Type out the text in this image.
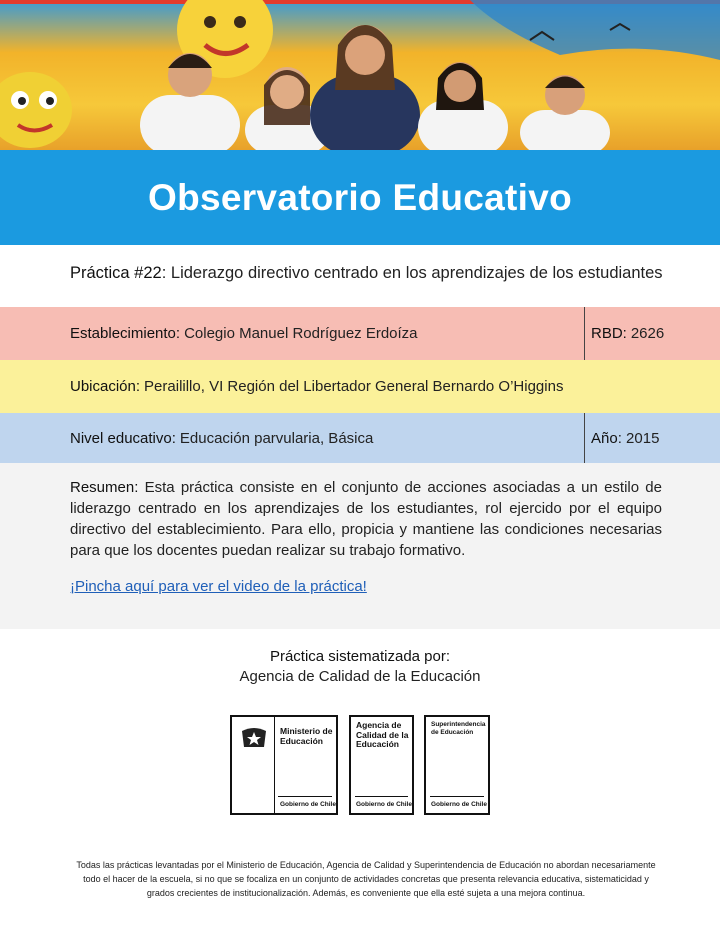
Observatorio Educativo
Práctica #22: Liderazgo directivo centrado en los aprendizajes de los estudiantes
Establecimiento: Colegio Manuel Rodríguez Erdoíza	RBD: 2626
Ubicación: Perailillo, VI Región del Libertador General Bernardo O’Higgins
Nivel educativo: Educación parvularia, Básica	Año : 2015

Resumen: Esta práctica consiste en el conjunto de acciones asociadas a un estilo de liderazgo centrado en los aprendizajes de los estudiantes, rol ejercido por el equipo directivo del establecimiento. Para ello, propicia y mantiene las condiciones necesarias para que los docentes puedan realizar su trabajo formativo.

¡Pincha aquí para ver el video de la práctica!
Práctica sistematizada por:
Agencia de Calidad de la Educación
Ministerio de
Educación
Gobierno de Chile
Agencia de
Calidad de la
Educación
Gobierno de Chile
Superintendencia
de Educación
Gobierno de Chile
Todas las prácticas levantadas por el Ministerio de Educación, Agencia de Calidad y Superintendencia de Educación no abordan necesariamente todo el hacer de la escuela, si no que se focaliza en un conjunto de actividades concretas que presenta relevancia educativa, sistematicidad y grados crecientes de institucionalización. Además, es conveniente que ella esté sujeta a una mejora continua.
